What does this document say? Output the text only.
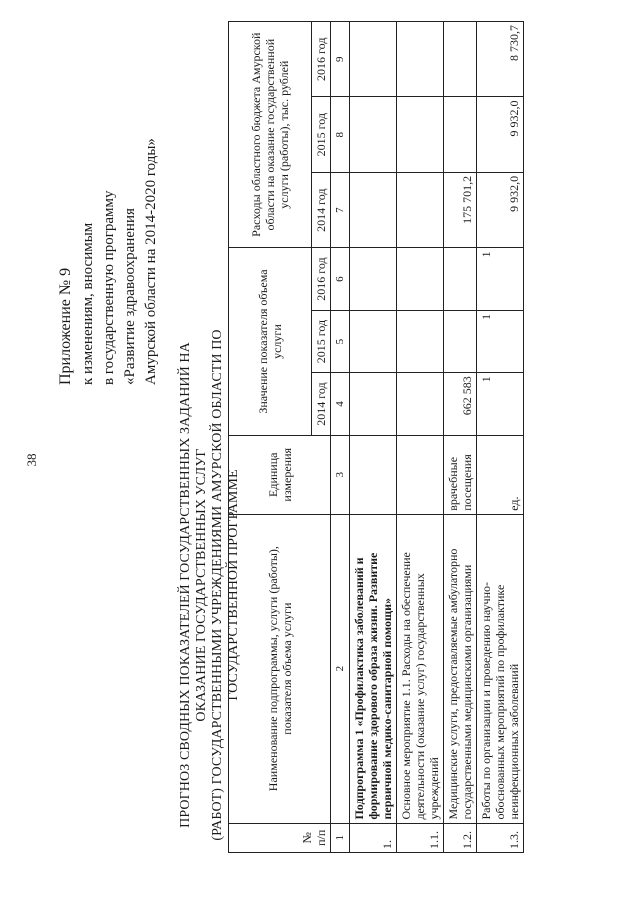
38
Приложение № 9 к изменениям, вносимым в государственную программу «Развитие здравоохранения Амурской области на 2014-2020 годы»
ПРОГНОЗ СВОДНЫХ ПОКАЗАТЕЛЕЙ ГОСУДАРСТВЕННЫХ ЗАДАНИЙ НА ОКАЗАНИЕ ГОСУДАРСТВЕННЫХ УСЛУГ (РАБОТ) ГОСУДАРСТВЕННЫМИ УЧРЕЖДЕНИЯМИ АМУРСКОЙ ОБЛАСТИ ПО ГОСУДАРСТВЕННОЙ ПРОГРАММЕ
№ п/п	Наименование подпрограммы, услуги (работы), показателя объема услуги	Единица измерения	Значение показателя объема услуги			Расходы областного бюджета Амурской области на оказание государственной услуги (работы), тыс. рублей		
			2014 год	2015 год	2016 год	2014 год	2015 год	2016 год
1	2	3	4	5	6	7	8	9
1.	Подпрограмма 1 «Профилактика заболеваний и формирование здорового образа жизни. Развитие первичной медико-санитарной помощи»							
1.1.	Основное мероприятие 1.1. Расходы на обеспечение деятельности (оказание услуг) государственных учреждений							
1.2.	Медицинские услуги, предоставляемые амбулаторно государственными медицинскими организациями	врачебные посещения	662 583			175 701,2		
1.3.	Работы по организации и проведению научно-обоснованных мероприятий по профилактике неинфекционных заболеваний	ед.	1	1	1	9 932,0	9 932,0	8 730,7
